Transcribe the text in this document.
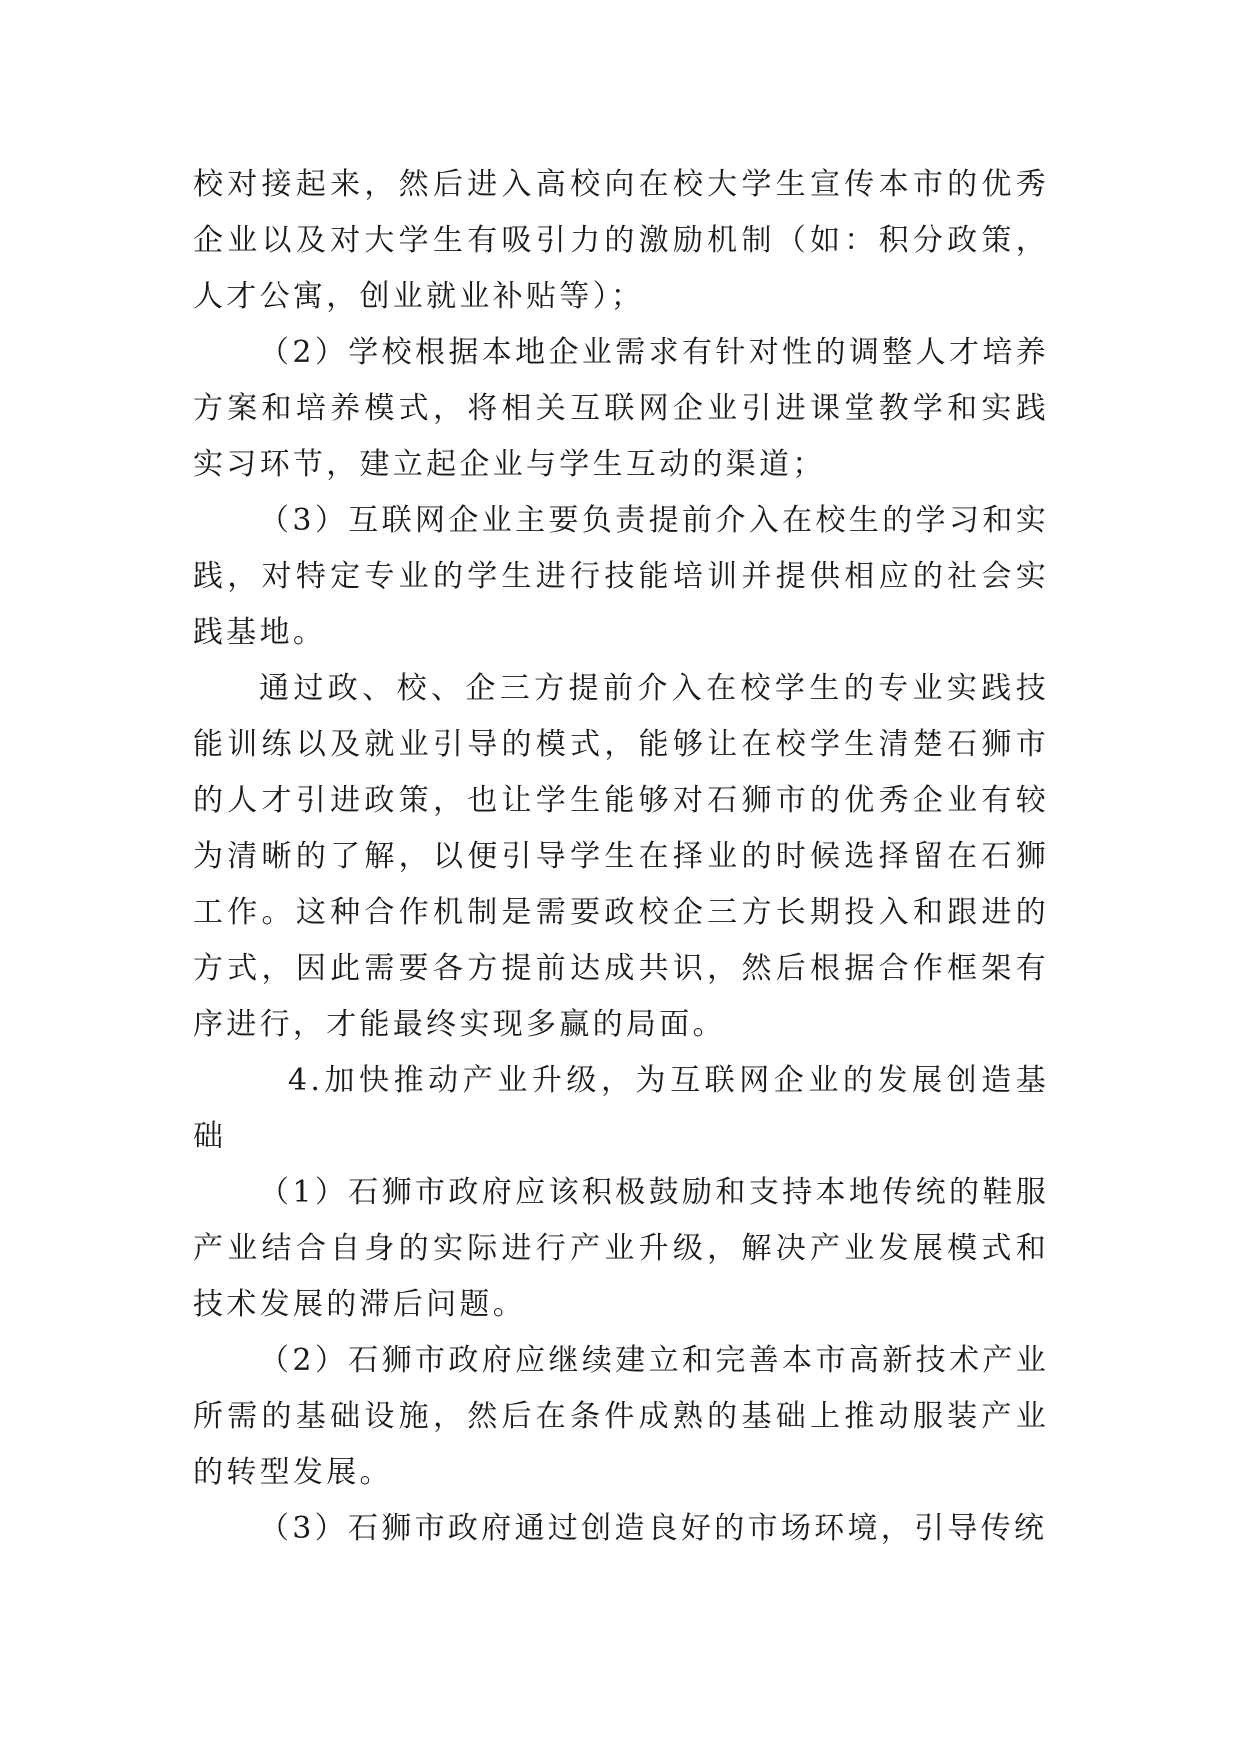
校对接起来，然后进入高校向在校大学生宣传本市的优秀企业以及对大学生有吸引力的激励机制（如：积分政策，人才公寓，创业就业补贴等）；

（2）学校根据本地企业需求有针对性的调整人才培养方案和培养模式，将相关互联网企业引进课堂教学和实践实习环节，建立起企业与学生互动的渠道；

（3）互联网企业主要负责提前介入在校生的学习和实践，对特定专业的学生进行技能培训并提供相应的社会实践基地。

通过政、校、企三方提前介入在校学生的专业实践技能训练以及就业引导的模式，能够让在校学生清楚石狮市的人才引进政策，也让学生能够对石狮市的优秀企业有较为清晰的了解，以便引导学生在择业的时候选择留在石狮工作。这种合作机制是需要政校企三方长期投入和跟进的方式，因此需要各方提前达成共识，然后根据合作框架有序进行，才能最终实现多赢的局面。

4.加快推动产业升级，为互联网企业的发展创造基础

（1）石狮市政府应该积极鼓励和支持本地传统的鞋服产业结合自身的实际进行产业升级，解决产业发展模式和技术发展的滞后问题。

（2）石狮市政府应继续建立和完善本市高新技术产业所需的基础设施，然后在条件成熟的基础上推动服装产业的转型发展。

（3）石狮市政府通过创造良好的市场环境，引导传统
